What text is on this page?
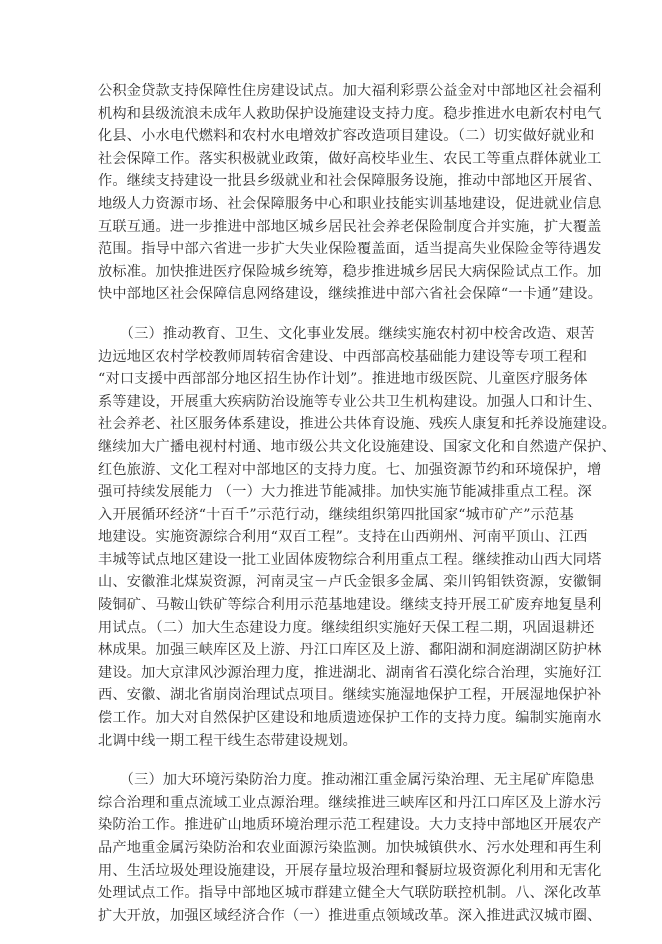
公积金贷款支持保障性住房建设试点。加大福利彩票公益金对中部地区社会福利
机构和县级流浪未成年人救助保护设施建设支持力度。稳步推进水电新农村电气
化县、小水电代燃料和农村水电增效扩容改造项目建设。（二）切实做好就业和
社会保障工作。落实积极就业政策，做好高校毕业生、农民工等重点群体就业工
作。继续支持建设一批县乡级就业和社会保障服务设施，推动中部地区开展省、
地级人力资源市场、社会保障服务中心和职业技能实训基地建设，促进就业信息
互联互通。进一步推进中部地区城乡居民社会养老保险制度合并实施，扩大覆盖
范围。指导中部六省进一步扩大失业保险覆盖面，适当提高失业保险金等待遇发
放标准。加快推进医疗保险城乡统筹，稳步推进城乡居民大病保险试点工作。加
快中部地区社会保障信息网络建设，继续推进中部六省社会保障“一卡通”建设。
　　（三）推动教育、卫生、文化事业发展。继续实施农村初中校舍改造、艰苦
边远地区农村学校教师周转宿舍建设、中西部高校基础能力建设等专项工程和
“对口支援中西部部分地区招生协作计划”。推进地市级医院、儿童医疗服务体
系等建设，开展重大疾病防治设施等专业公共卫生机构建设。加强人口和计生、
社会养老、社区服务体系建设，推进公共体育设施、残疾人康复和托养设施建设。
继续加大广播电视村村通、地市级公共文化设施建设、国家文化和自然遗产保护、
红色旅游、文化工程对中部地区的支持力度。七、加强资源节约和环境保护，增
强可持续发展能力 （一）大力推进节能减排。加快实施节能减排重点工程。深
入开展循环经济“十百千”示范行动，继续组织第四批国家“城市矿产”示范基
地建设。实施资源综合利用“双百工程”。支持在山西朔州、河南平顶山、江西
丰城等试点地区建设一批工业固体废物综合利用重点工程。继续推动山西大同塔
山、安徽淮北煤炭资源，河南灵宝－卢氏金银多金属、栾川钨钼铁资源，安徽铜
陵铜矿、马鞍山铁矿等综合利用示范基地建设。继续支持开展工矿废弃地复垦利
用试点。（二）加大生态建设力度。继续组织实施好天保工程二期，巩固退耕还
林成果。加强三峡库区及上游、丹江口库区及上游、鄱阳湖和洞庭湖湖区防护林
建设。加大京津风沙源治理力度，推进湖北、湖南省石漠化综合治理，实施好江
西、安徽、湖北省崩岗治理试点项目。继续实施湿地保护工程，开展湿地保护补
偿工作。加大对自然保护区建设和地质遗迹保护工作的支持力度。编制实施南水
北调中线一期工程干线生态带建设规划。
　　（三）加大环境污染防治力度。推动湘江重金属污染治理、无主尾矿库隐患
综合治理和重点流域工业点源治理。继续推进三峡库区和丹江口库区及上游水污
染防治工作。推进矿山地质环境治理示范工程建设。大力支持中部地区开展农产
品产地重金属污染防治和农业面源污染监测。加快城镇供水、污水处理和再生利
用、生活垃圾处理设施建设，开展存量垃圾治理和餐厨垃圾资源化利用和无害化
处理试点工作。指导中部地区城市群建立健全大气联防联控机制。八、深化改革
扩大开放，加强区域经济合作（一）推进重点领域改革。深入推进武汉城市圈、
